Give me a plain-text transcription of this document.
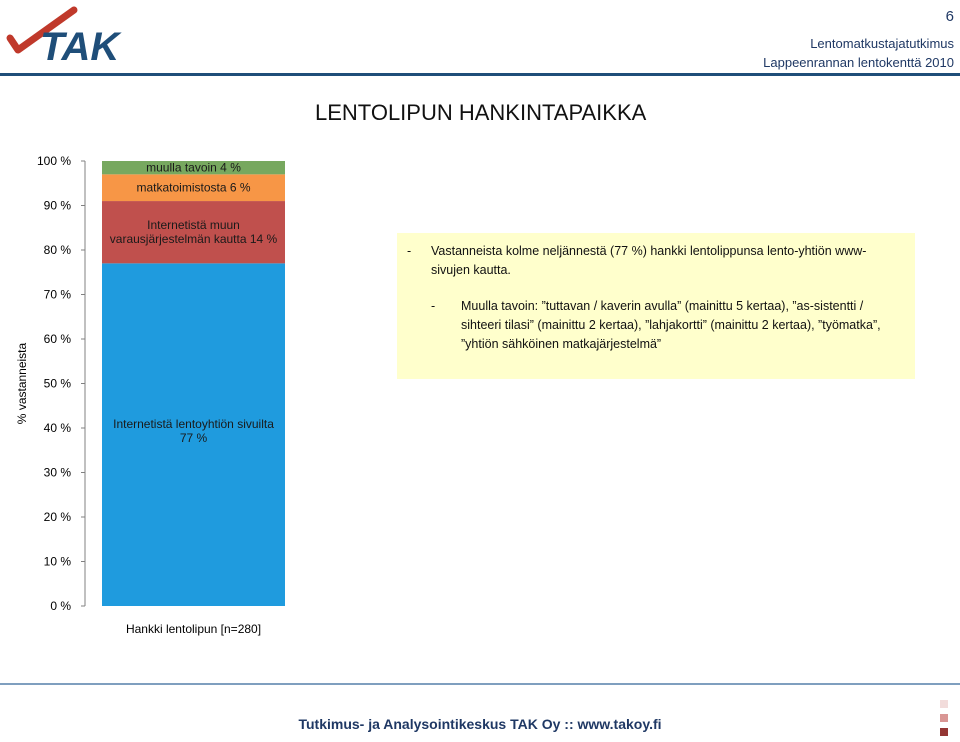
6
Lentomatkustajatutkimus
Lappeenrannan lentokenttä 2010
TAK
LENTOLIPUN HANKINTAPAIKKA
0 %
10 %
20 %
30 %
40 %
50 %
60 %
70 %
80 %
90 %
100 %
Internetistä lentoyhtiön sivuilta
77 %
Internetistä muun
varausjärjestelmän kautta 14 %
matkatoimistosta 6 %
muulla tavoin 4 %
% vastanneista
Hankki lentolipun [n=280]
-	Vastanneista kolme neljännestä (77 %) hankki lentolippunsa lento-yhtiön www-sivujen kautta.
-	Muulla tavoin: ”tuttavan / kaverin avulla” (mainittu 5 kertaa), ”as-sistentti / sihteeri tilasi” (mainittu 2 kertaa), ”lahjakortti” (mainittu 2 kertaa), ”työmatka”, ”yhtiön sähköinen matkajärjestelmä”
Tutkimus- ja Analysointikeskus TAK Oy :: www.takoy.fi
